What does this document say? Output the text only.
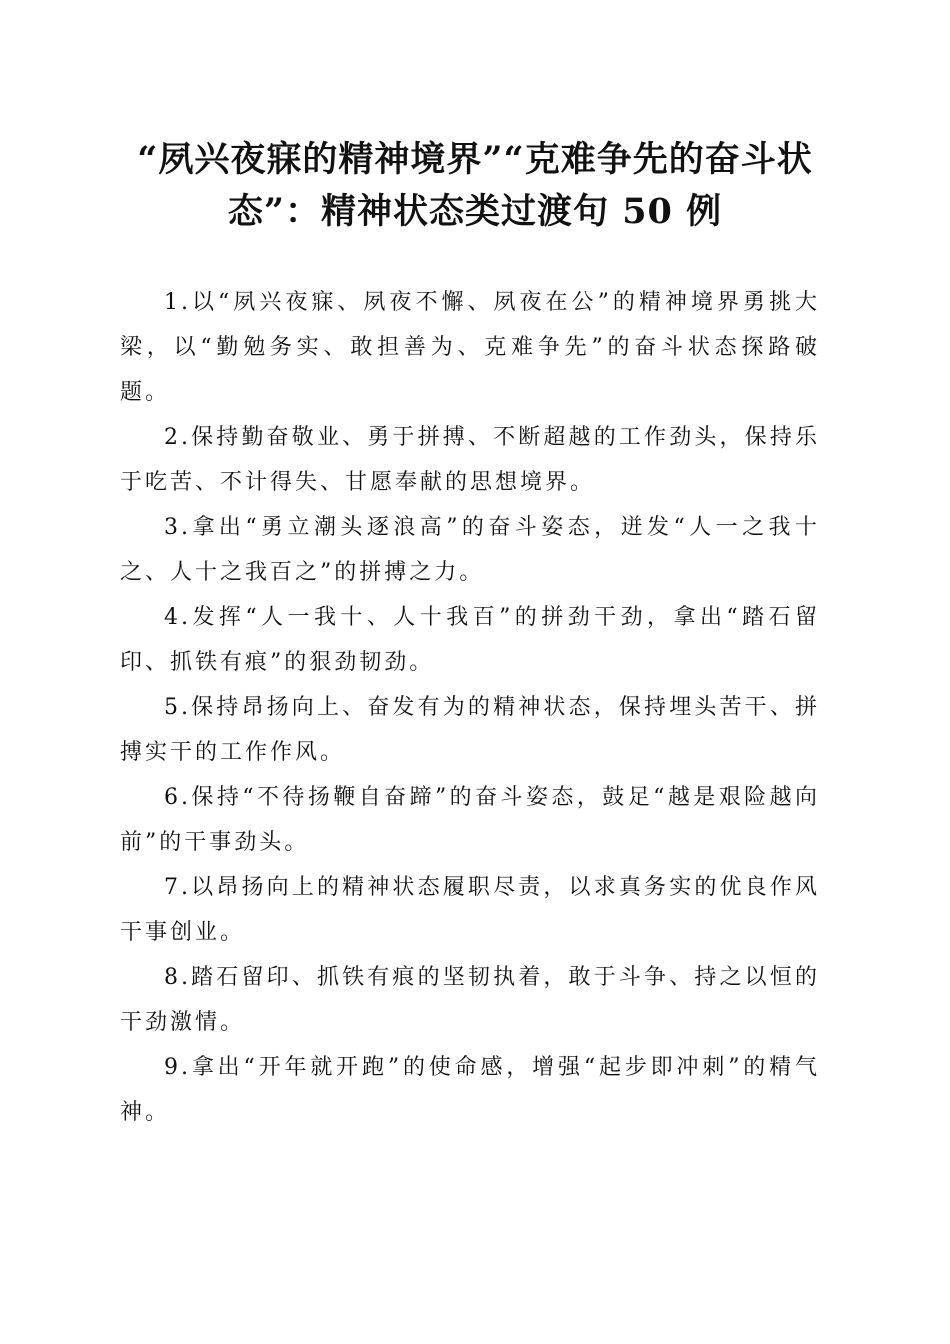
“夙兴夜寐的精神境界”“克难争先的奋斗状
态”：精神状态类过渡句 50 例

1.以“夙兴夜寐、夙夜不懈、夙夜在公”的精神境界勇挑大梁，以“勤勉务实、敢担善为、克难争先”的奋斗状态探路破题。

2.保持勤奋敬业、勇于拼搏、不断超越的工作劲头，保持乐于吃苦、不计得失、甘愿奉献的思想境界。

3.拿出“勇立潮头逐浪高”的奋斗姿态，迸发“人一之我十之、人十之我百之”的拼搏之力。

4.发挥“人一我十、人十我百”的拼劲干劲，拿出“踏石留印、抓铁有痕”的狠劲韧劲。

5.保持昂扬向上、奋发有为的精神状态，保持埋头苦干、拼搏实干的工作作风。

6.保持“不待扬鞭自奋蹄”的奋斗姿态，鼓足“越是艰险越向前”的干事劲头。

7.以昂扬向上的精神状态履职尽责，以求真务实的优良作风干事创业。

8.踏石留印、抓铁有痕的坚韧执着，敢于斗争、持之以恒的干劲激情。

9.拿出“开年就开跑”的使命感，增强“起步即冲刺”的精气神。
